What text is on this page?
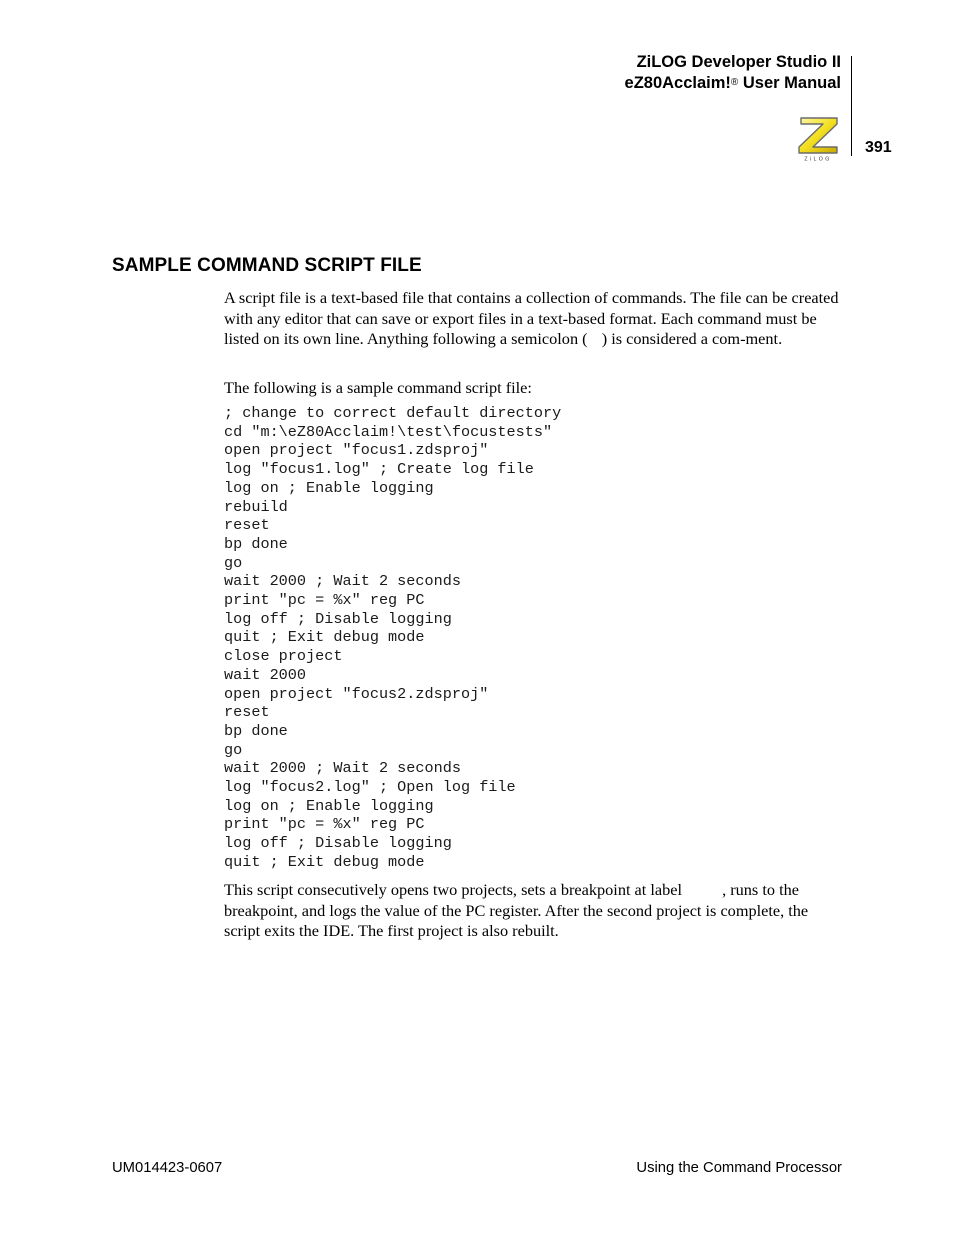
ZiLOG Developer Studio II
eZ80Acclaim!® User Manual
ZiLOG
391
SAMPLE COMMAND SCRIPT FILE

A script file is a text-based file that contains a collection of commands. The file can be created with any editor that can save or export files in a text-based format. Each command must be listed on its own line. Anything following a semicolon ( ) is considered a com-ment.

The following is a sample command script file:

; change to correct default directory
cd "m:\eZ80Acclaim!\test\focustests"
open project "focus1.zdsproj"
log "focus1.log" ; Create log file
log on ; Enable logging
rebuild
reset
bp done
go
wait 2000 ; Wait 2 seconds
print "pc = %x" reg PC
log off ; Disable logging
quit ; Exit debug mode
close project
wait 2000
open project "focus2.zdsproj"
reset
bp done
go
wait 2000 ; Wait 2 seconds
log "focus2.log" ; Open log file
log on ; Enable logging
print "pc = %x" reg PC
log off ; Disable logging
quit ; Exit debug mode

This script consecutively opens two projects, sets a breakpoint at label , runs to the breakpoint, and logs the value of the PC register. After the second project is complete, the script exits the IDE. The first project is also rebuilt.

UM014423-0607	Using the Command Processor
